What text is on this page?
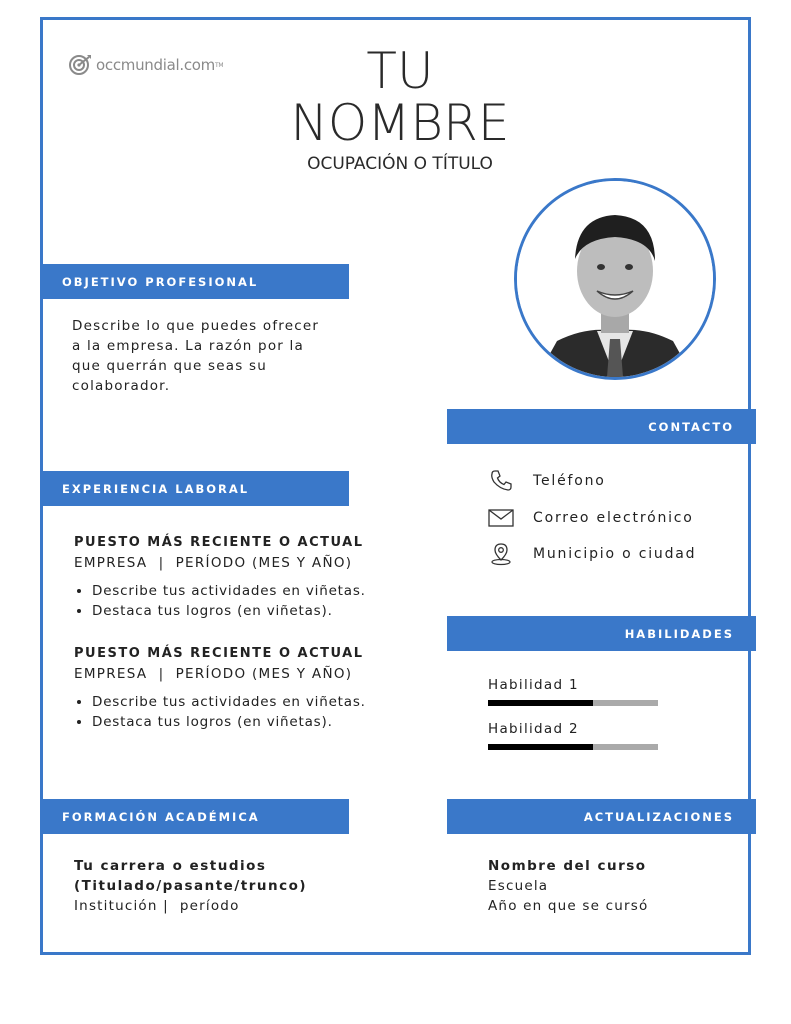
occmundial.com TM	TU
NOMBRE
OCUPACIÓN O TÍTULO
OBJETIVO PROFESIONAL
Describe lo que puedes ofrecer
a la empresa. La razón por la
que querrán que seas su
colaborador.
EXPERIENCIA LABORAL
PUESTO MÁS RECIENTE O ACTUAL
EMPRESA  |  PERÍODO (MES Y AÑO)
• Describe tus actividades en viñetas.
• Destaca tus logros (en viñetas).
PUESTO MÁS RECIENTE O ACTUAL
EMPRESA  |  PERÍODO (MES Y AÑO)
• Describe tus actividades en viñetas.
• Destaca tus logros (en viñetas).
FORMACIÓN ACADÉMICA
Tu carrera o estudios
(Titulado/pasante/trunco)
Institución |  período
CONTACTO
Teléfono
Correo electrónico
Municipio o ciudad
HABILIDADES
Habilidad 1
Habilidad 2
ACTUALIZACIONES
Nombre del curso
Escuela
Año en que se cursó
